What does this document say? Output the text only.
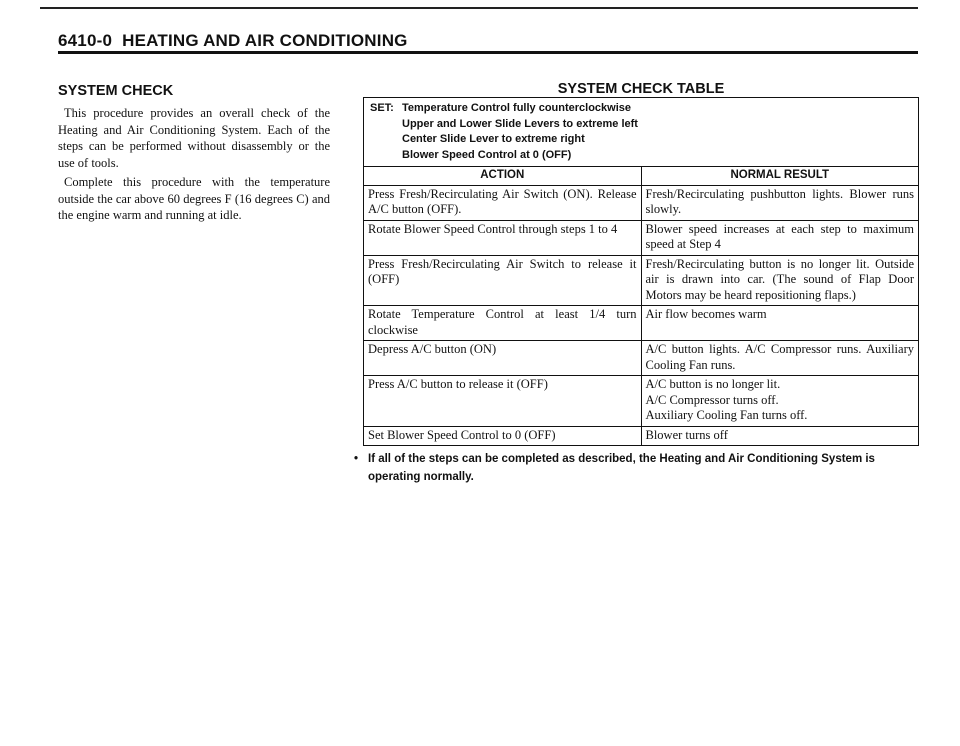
6410-0 HEATING AND AIR CONDITIONING
SYSTEM CHECK

This procedure provides an overall check of the Heating and Air Conditioning System. Each of the steps can be performed without disassembly or the use of tools.

Complete this procedure with the temperature outside the car above 60 degrees F (16 degrees C) and the engine warm and running at idle.

SYSTEM CHECK TABLE
SET: Temperature Control fully counterclockwise
Upper and Lower Slide Levers to extreme left
Center Slide Lever to extreme right
Blower Speed Control at 0 (OFF)	

ACTION	NORMAL RESULT
Press Fresh/Recirculating Air Switch (ON). Release A/C button (OFF).	Fresh/Recirculating pushbutton lights. Blower runs slowly.
Rotate Blower Speed Control through steps 1 to 4	Blower speed increases at each step to maximum speed at Step 4
Press Fresh/Recirculating Air Switch to release it (OFF)	Fresh/Recirculating button is no longer lit. Outside air is drawn into car. (The sound of Flap Door Motors may be heard repositioning flaps.)
Rotate Temperature Control at least 1/4 turn clockwise	Air flow becomes warm
Depress A/C button (ON)	A/C button lights. A/C Compressor runs. Auxiliary Cooling Fan runs.
Press A/C button to release it (OFF)	A/C button is no longer lit.
A/C Compressor turns off.
Auxiliary Cooling Fan turns off.
Set Blower Speed Control to 0 (OFF)	Blower turns off
• If all of the steps can be completed as described, the Heating and Air Conditioning System is operating normally.
